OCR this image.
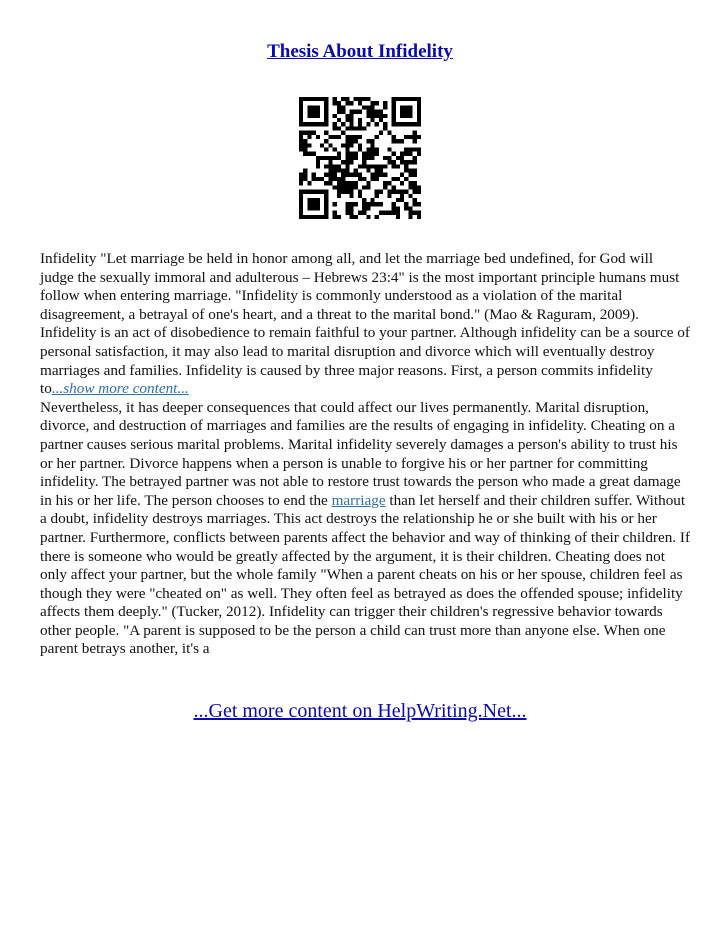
Thesis About Infidelity

Infidelity "Let marriage be held in honor among all, and let the marriage bed undefined, for God will judge the sexually immoral and adulterous – Hebrews 23:4" is the most important principle humans must follow when entering marriage. "Infidelity is commonly understood as a violation of the marital disagreement, a betrayal of one's heart, and a threat to the marital bond." (Mao & Raguram, 2009). Infidelity is an act of disobedience to remain faithful to your partner. Although infidelity can be a source of personal satisfaction, it may also lead to marital disruption and divorce which will eventually destroy marriages and families. Infidelity is caused by three major reasons. First, a person commits infidelity to...show more content...

Nevertheless, it has deeper consequences that could affect our lives permanently. Marital disruption, divorce, and destruction of marriages and families are the results of engaging in infidelity. Cheating on a partner causes serious marital problems. Marital infidelity severely damages a person's ability to trust his or her partner. Divorce happens when a person is unable to forgive his or her partner for committing infidelity. The betrayed partner was not able to restore trust towards the person who made a great damage in his or her life. The person chooses to end the marriage than let herself and their children suffer. Without a doubt, infidelity destroys marriages. This act destroys the relationship he or she built with his or her partner. Furthermore, conflicts between parents affect the behavior and way of thinking of their children. If there is someone who would be greatly affected by the argument, it is their children. Cheating does not only affect your partner, but the whole family "When a parent cheats on his or her spouse, children feel as though they were "cheated on" as well. They often feel as betrayed as does the offended spouse; infidelity affects them deeply." (Tucker, 2012). Infidelity can trigger their children's regressive behavior towards other people. "A parent is supposed to be the person a child can trust more than anyone else. When one parent betrays another, it's a

...Get more content on HelpWriting.Net...
